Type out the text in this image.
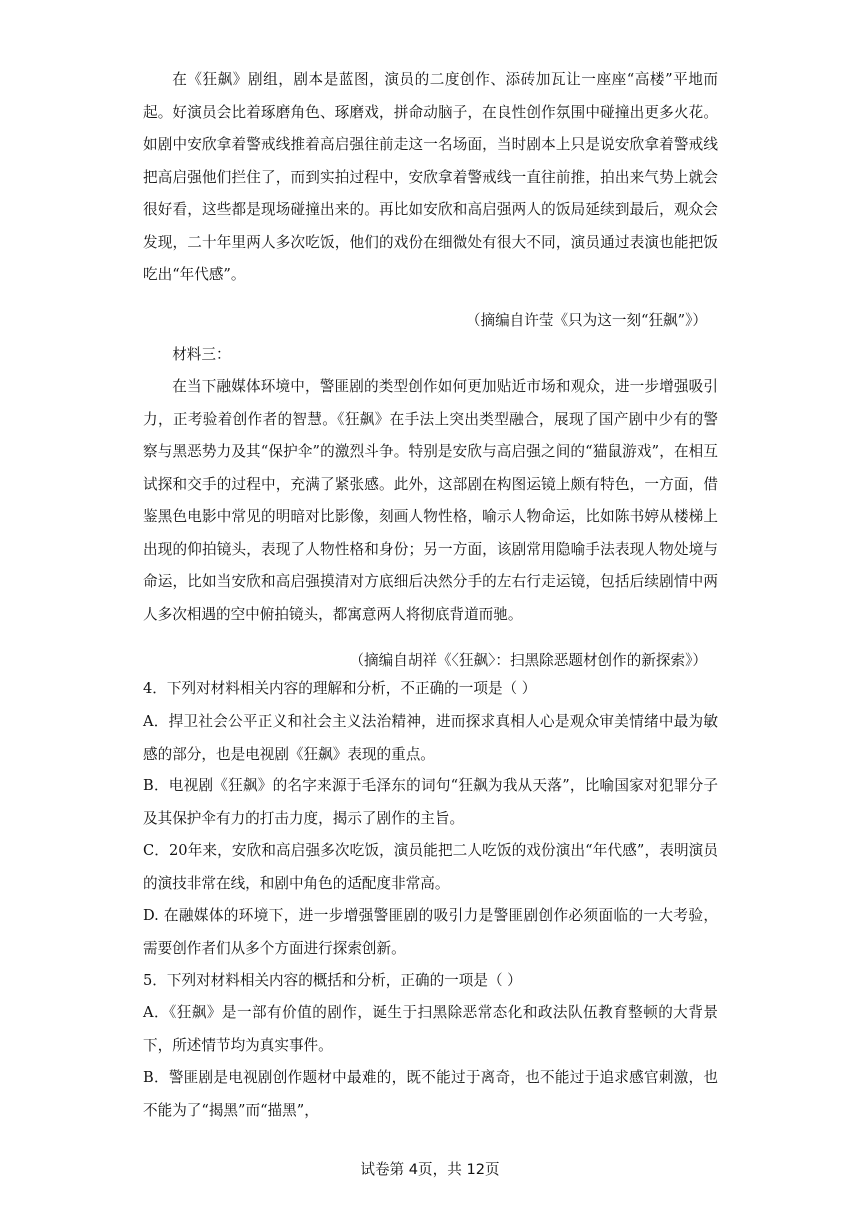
在《狂飙》剧组，剧本是蓝图，演员的二度创作、添砖加瓦让一座座“高楼”平地而起。好演员会比着琢磨角色、琢磨戏，拼命动脑子，在良性创作氛围中碰撞出更多火花。如剧中安欣拿着警戒线推着高启强往前走这一名场面，当时剧本上只是说安欣拿着警戒线把高启强他们拦住了，而到实拍过程中，安欣拿着警戒线一直往前推，拍出来气势上就会很好看，这些都是现场碰撞出来的。再比如安欣和高启强两人的饭局延续到最后，观众会发现，二十年里两人多次吃饭，他们的戏份在细微处有很大不同，演员通过表演也能把饭吃出“年代感”。
（摘编自许莹《只为这一刻“狂飙”》）
材料三：
在当下融媒体环境中，警匪剧的类型创作如何更加贴近市场和观众，进一步增强吸引力，正考验着创作者的智慧。《狂飙》在手法上突出类型融合，展现了国产剧中少有的警察与黑恶势力及其“保护伞”的激烈斗争。特别是安欣与高启强之间的“猫鼠游戏”，在相互试探和交手的过程中，充满了紧张感。此外，这部剧在构图运镜上颇有特色，一方面，借鉴黑色电影中常见的明暗对比影像，刻画人物性格，喻示人物命运，比如陈书婷从楼梯上出现的仰拍镜头，表现了人物性格和身份；另一方面，该剧常用隐喻手法表现人物处境与命运，比如当安欣和高启强摸清对方底细后决然分手的左右行走运镜，包括后续剧情中两人多次相遇的空中俯拍镜头，都寓意两人将彻底背道而驰。
（摘编自胡祥《〈狂飙〉：扫黑除恶题材创作的新探索》）
4．下列对材料相关内容的理解和分析，不正确的一项是（ ）
A．捍卫社会公平正义和社会主义法治精神，进而探求真相人心是观众审美情绪中最为敏感的部分，也是电视剧《狂飙》表现的重点。
B．电视剧《狂飙》的名字来源于毛泽东的词句“狂飙为我从天落”，比喻国家对犯罪分子及其保护伞有力的打击力度，揭示了剧作的主旨。
C．20年来，安欣和高启强多次吃饭，演员能把二人吃饭的戏份演出“年代感”，表明演员的演技非常在线，和剧中角色的适配度非常高。
D. 在融媒体的环境下，进一步增强警匪剧的吸引力是警匪剧创作必须面临的一大考验，需要创作者们从多个方面进行探索创新。
5．下列对材料相关内容的概括和分析，正确的一项是（ ）
A．《狂飙》是一部有价值的剧作，诞生于扫黑除恶常态化和政法队伍教育整顿的大背景下，所述情节均为真实事件。
B．警匪剧是电视剧创作题材中最难的，既不能过于离奇，也不能过于追求感官刺激，也不能为了“揭黑”而“描黑”，
试卷第 4页，共 12页
